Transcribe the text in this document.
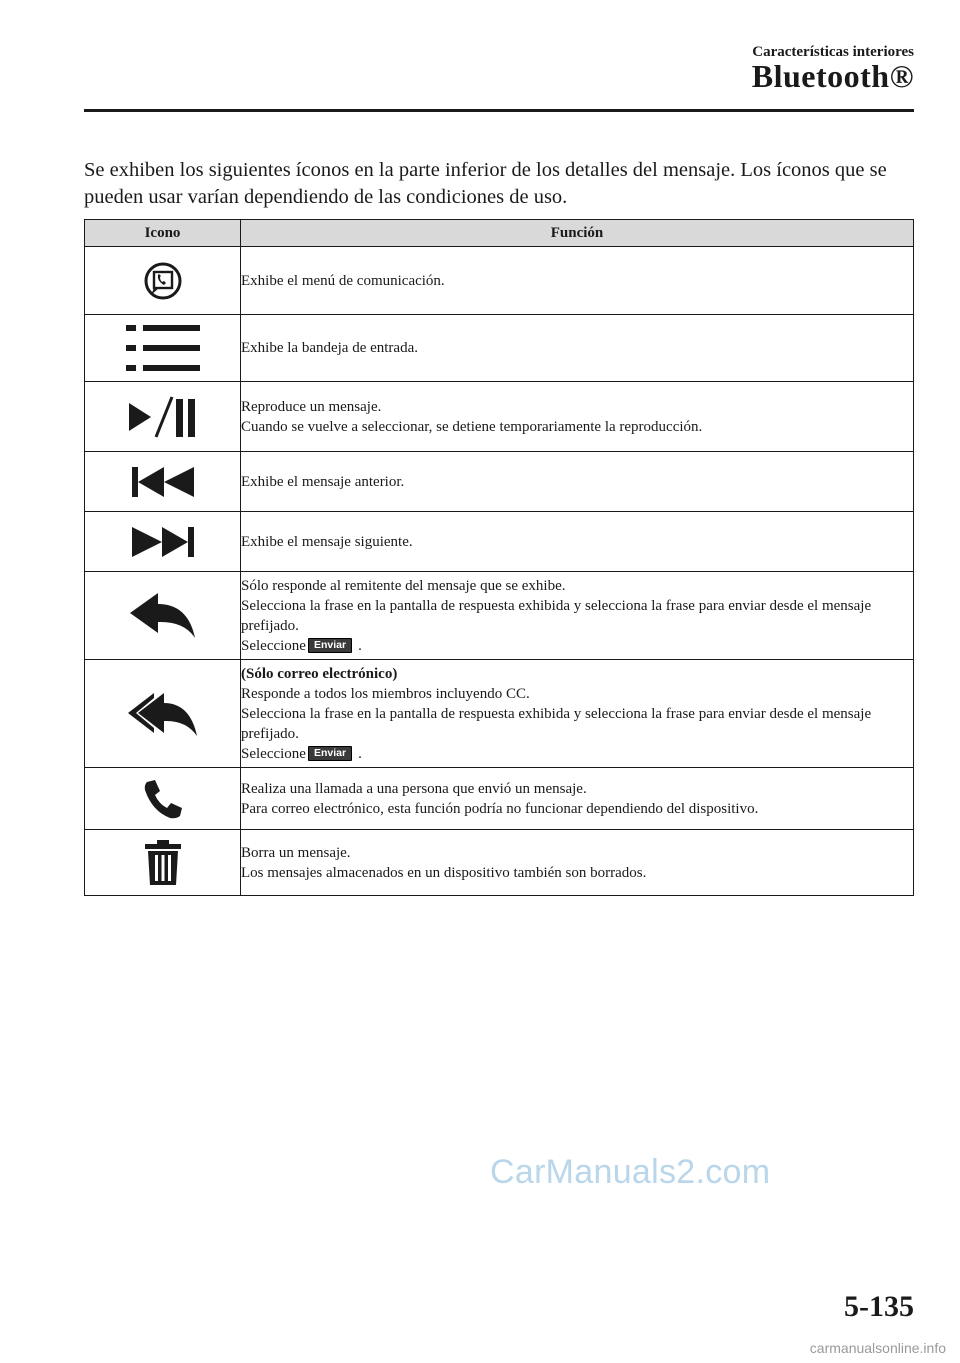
Características interiores
Bluetooth®

Se exhiben los siguientes íconos en la parte inferior de los detalles del mensaje. Los íconos que se pueden usar varían dependiendo de las condiciones de uso.

Icono	Función

Exhibe el menú de comunicación.

Exhibe la bandeja de entrada.

Reproduce un mensaje.
Cuando se vuelve a seleccionar, se detiene temporariamente la reproducción.

Exhibe el mensaje anterior.

Exhibe el mensaje siguiente.

Sólo responde al remitente del mensaje que se exhibe.
Selecciona la frase en la pantalla de respuesta exhibida y selecciona la frase para enviar desde el mensaje prefijado.
Seleccione Enviar .

(Sólo correo electrónico)
Responde a todos los miembros incluyendo CC.
Selecciona la frase en la pantalla de respuesta exhibida y selecciona la frase para enviar desde el mensaje prefijado.
Seleccione Enviar .

Realiza una llamada a una persona que envió un mensaje.
Para correo electrónico, esta función podría no funcionar dependiendo del dispositivo.

Borra un mensaje.
Los mensajes almacenados en un dispositivo también son borrados.
CarManuals2.com
5-135
carmanualsonline.info
